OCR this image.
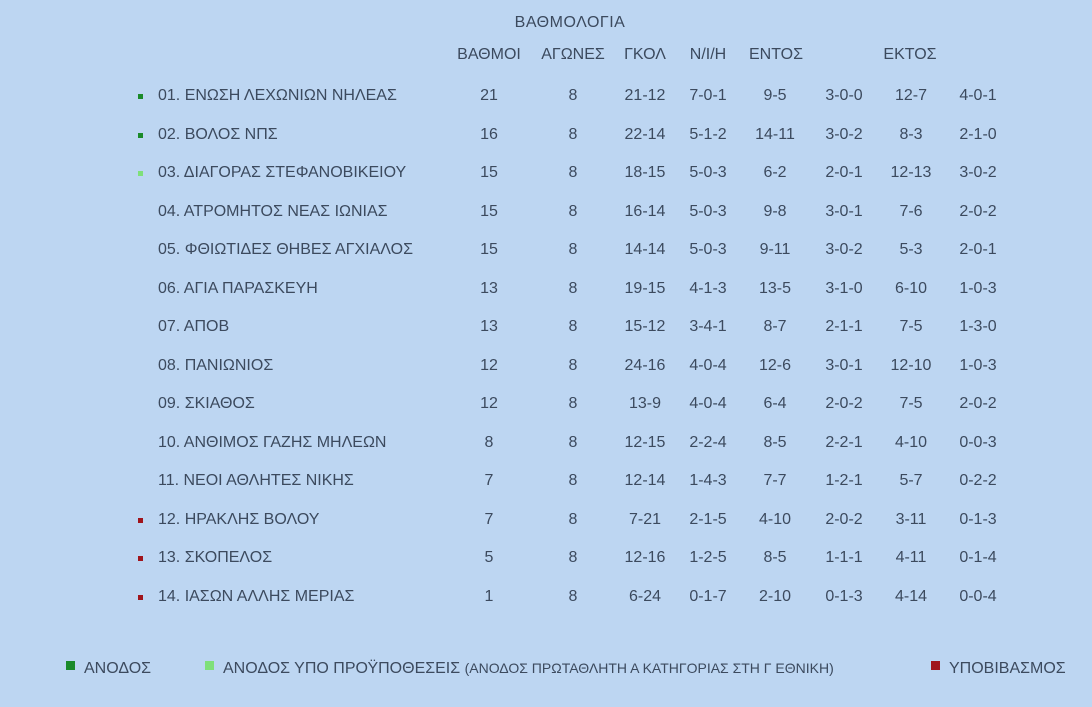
ΒΑΘΜΟΛΟΓΙΑ
ΒΑΘΜΟΙ	ΑΓΩΝΕΣ	ΓΚΟΛ	Ν/Ι/Η	ΕΝΤΟΣ	ΕΚΤΟΣ
01. ΕΝΩΣΗ ΛΕΧΩΝΙΩΝ ΝΗΛΕΑΣ	21	8	21-12	7-0-1	9-5	3-0-0	12-7	4-0-1
02. ΒΟΛΟΣ ΝΠΣ	16	8	22-14	5-1-2	14-11	3-0-2	8-3	2-1-0
03. ΔΙΑΓΟΡΑΣ ΣΤΕΦΑΝΟΒΙΚΕΙΟΥ	15	8	18-15	5-0-3	6-2	2-0-1	12-13	3-0-2
04. ΑΤΡΟΜΗΤΟΣ ΝΕΑΣ ΙΩΝΙΑΣ	15	8	16-14	5-0-3	9-8	3-0-1	7-6	2-0-2
05. ΦΘΙΩΤΙΔΕΣ ΘΗΒΕΣ ΑΓΧΙΑΛΟΣ	15	8	14-14	5-0-3	9-11	3-0-2	5-3	2-0-1
06. ΑΓΙΑ ΠΑΡΑΣΚΕΥΗ	13	8	19-15	4-1-3	13-5	3-1-0	6-10	1-0-3
07. ΑΠΟΒ	13	8	15-12	3-4-1	8-7	2-1-1	7-5	1-3-0
08. ΠΑΝΙΩΝΙΟΣ	12	8	24-16	4-0-4	12-6	3-0-1	12-10	1-0-3
09. ΣΚΙΑΘΟΣ	12	8	13-9	4-0-4	6-4	2-0-2	7-5	2-0-2
10. ΑΝΘΙΜΟΣ ΓΑΖΗΣ ΜΗΛΕΩΝ	8	8	12-15	2-2-4	8-5	2-2-1	4-10	0-0-3
11. ΝΕΟΙ ΑΘΛΗΤΕΣ ΝΙΚΗΣ	7	8	12-14	1-4-3	7-7	1-2-1	5-7	0-2-2
12. ΗΡΑΚΛΗΣ ΒΟΛΟΥ	7	8	7-21	2-1-5	4-10	2-0-2	3-11	0-1-3
13. ΣΚΟΠΕΛΟΣ	5	8	12-16	1-2-5	8-5	1-1-1	4-11	0-1-4
14. ΙΑΣΩΝ ΑΛΛΗΣ ΜΕΡΙΑΣ	1	8	6-24	0-1-7	2-10	0-1-3	4-14	0-0-4
ΑΝΟΔΟΣ	ΑΝΟΔΟΣ ΥΠΟ ΠΡΟΫΠΟΘΕΣΕΙΣ (ΑΝΟΔΟΣ ΠΡΩΤΑΘΛΗΤΗ Α ΚΑΤΗΓΟΡΙΑΣ ΣΤΗ Γ ΕΘΝΙΚΗ)	ΥΠΟΒΙΒΑΣΜΟΣ
